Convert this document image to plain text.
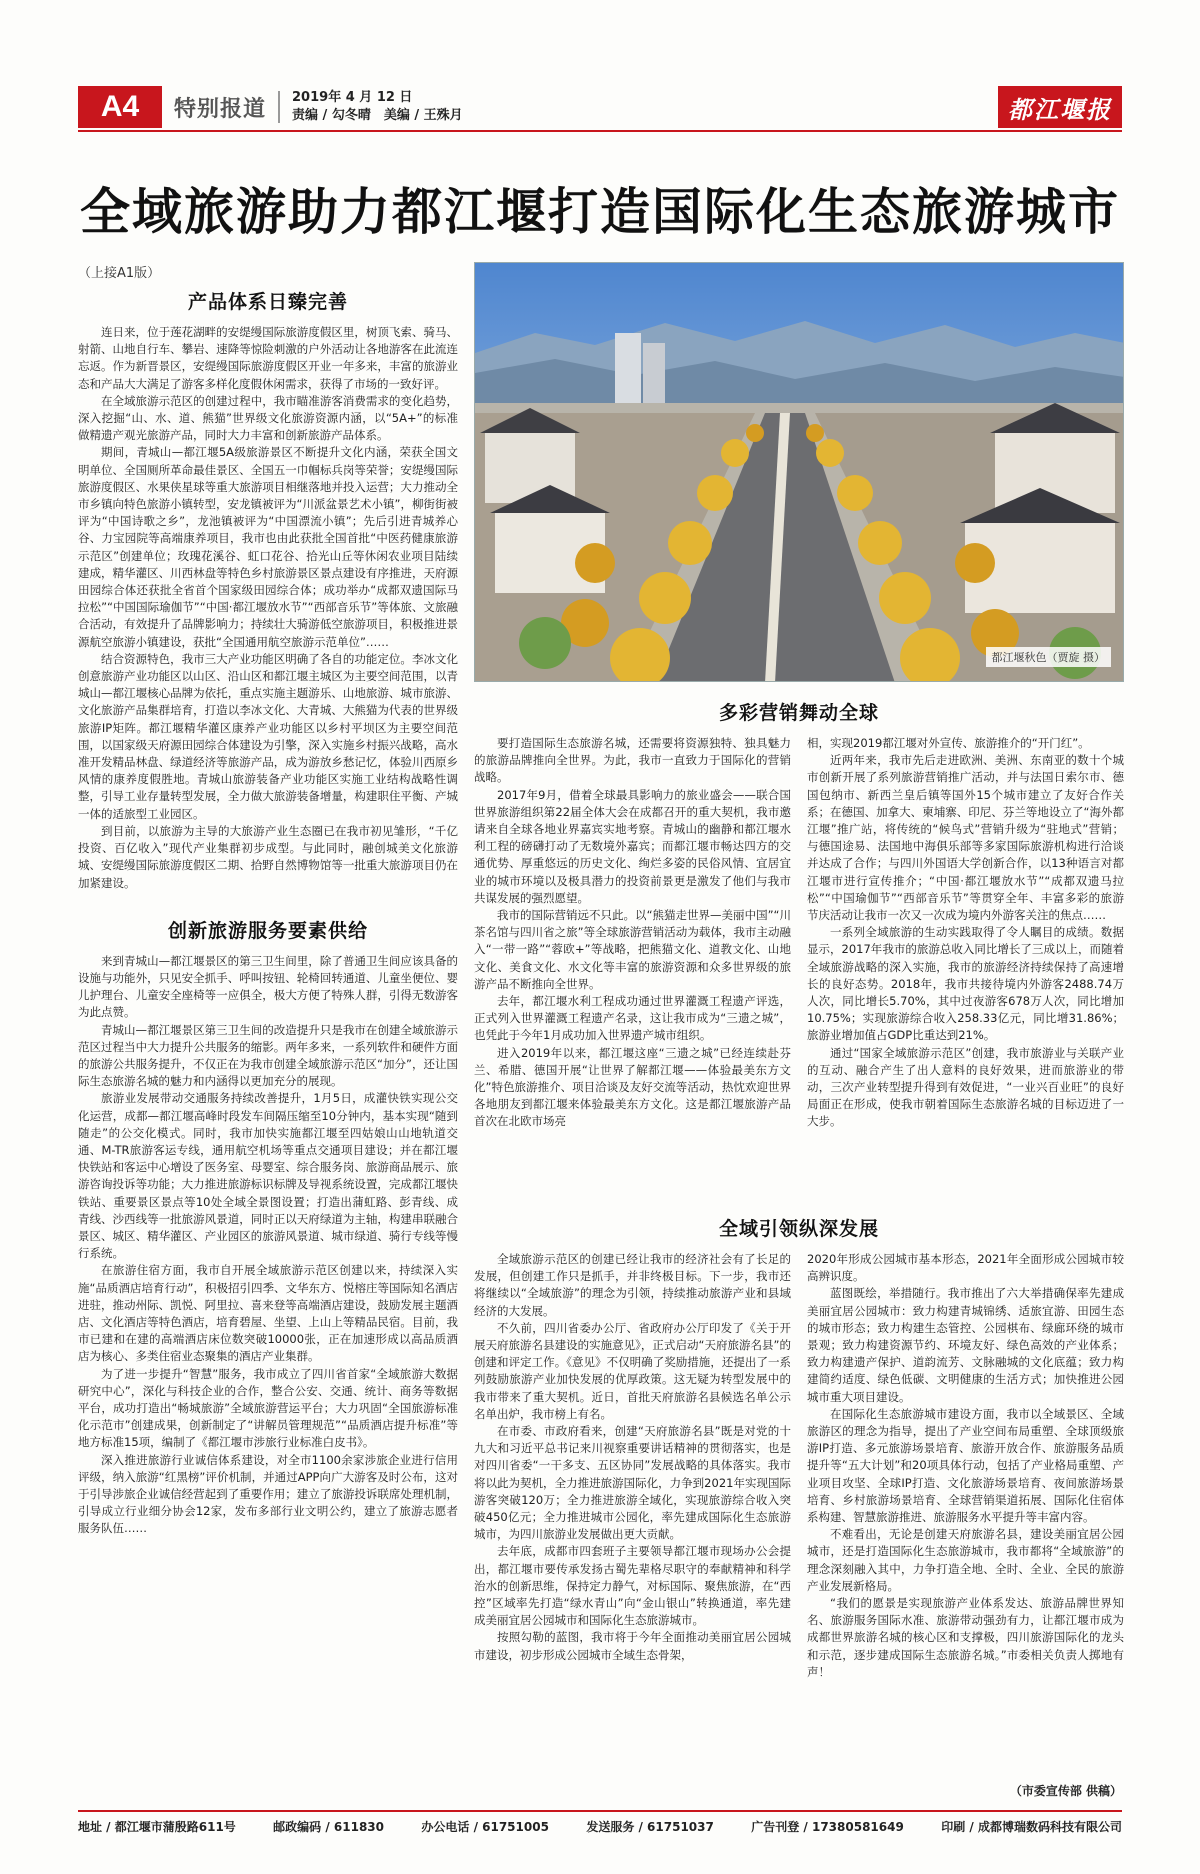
A4	特别报道 2019年 4 月 12 日
责编 / 勾冬晴　美编 / 王殊月	都江堰报
全域旅游助力都江堰打造国际化生态旅游城市
（上接A1版）
产品体系日臻完善

连日来，位于莲花湖畔的安缇缦国际旅游度假区里，树顶飞索、骑马、射箭、山地自行车、攀岩、速降等惊险刺激的户外活动让各地游客在此流连忘返。作为新晋景区，安缇缦国际旅游度假区开业一年多来，丰富的旅游业态和产品大大满足了游客多样化度假休闲需求，获得了市场的一致好评。

在全域旅游示范区的创建过程中，我市瞄准游客消费需求的变化趋势，深入挖掘“山、水、道、熊猫”世界级文化旅游资源内涵，以“5A+”的标准做精遗产观光旅游产品，同时大力丰富和创新旅游产品体系。

期间，青城山—都江堰5A级旅游景区不断提升文化内涵，荣获全国文明单位、全国厕所革命最佳景区、全国五一巾帼标兵岗等荣誉；安缇缦国际旅游度假区、水果侠星球等重大旅游项目相继落地并投入运营；大力推动全市乡镇向特色旅游小镇转型，安龙镇被评为“川派盆景艺术小镇”，柳街街被评为“中国诗歌之乡”，龙池镇被评为“中国漂流小镇”；先后引进青城养心谷、力宝园院等高端康养项目，我市也由此获批全国首批“中医药健康旅游示范区”创建单位；玫瑰花溪谷、虹口花谷、拾光山丘等休闲农业项目陆续建成，精华灌区、川西林盘等特色乡村旅游景区景点建设有序推进，天府源田园综合体还获批全省首个国家级田园综合体；成功举办“成都双遗国际马拉松”“中国国际瑜伽节”“中国·都江堰放水节”“西部音乐节”等体旅、文旅融合活动，有效提升了品牌影响力；持续壮大骑游低空旅游项目，积极推进景源航空旅游小镇建设，获批“全国通用航空旅游示范单位”……

结合资源特色，我市三大产业功能区明确了各自的功能定位。李冰文化创意旅游产业功能区以山区、沿山区和都江堰主城区为主要空间范围，以青城山—都江堰核心品牌为依托，重点实施主题游乐、山地旅游、城市旅游、文化旅游产品集群培育，打造以李冰文化、大青城、大熊猫为代表的世界级旅游IP矩阵。都江堰精华灌区康养产业功能区以乡村平坝区为主要空间范围，以国家级天府源田园综合体建设为引擎，深入实施乡村振兴战略，高水准开发精品林盘、绿道经济等旅游产品，成为游放乡愁记忆，体验川西原乡风情的康养度假胜地。青城山旅游装备产业功能区实施工业结构战略性调整，引导工业存量转型发展，全力做大旅游装备增量，构建职住平衡、产城一体的适旅型工业园区。

到目前，以旅游为主导的大旅游产业生态圈已在我市初见雏形，“千亿投资、百亿收入”现代产业集群初步成型。与此同时，融创城美文化旅游城、安缇缦国际旅游度假区二期、拾野自然博物馆等一批重大旅游项目仍在加紧建设。

创新旅游服务要素供给

来到青城山—都江堰景区的第三卫生间里，除了普通卫生间应该具备的设施与功能外，只见安全抓手、呼叫按钮、轮椅回转通道、儿童坐便位、婴儿护理台、儿童安全座椅等一应俱全，极大方便了特殊人群，引得无数游客为此点赞。

青城山—都江堰景区第三卫生间的改造提升只是我市在创建全域旅游示范区过程当中大力提升公共服务的缩影。两年多来，一系列软件和硬件方面的旅游公共服务提升，不仅正在为我市创建全域旅游示范区“加分”，还让国际生态旅游名城的魅力和内涵得以更加充分的展现。

旅游业发展带动交通服务持续改善提升，1月5日，成灌快铁实现公交化运营，成都—都江堰高峰时段发车间隔压缩至10分钟内，基本实现“随到随走”的公交化模式。同时，我市加快实施都江堰至四姑娘山山地轨道交通、M-TR旅游客运专线，通用航空机场等重点交通项目建设；并在都江堰快铁站和客运中心增设了医务室、母婴室、综合服务岗、旅游商品展示、旅游咨询投诉等功能；大力推进旅游标识标牌及导视系统设置，完成都江堰快铁站、重要景区景点等10处全域全景图设置；打造出蒲虹路、彭青线、成青线、沙西线等一批旅游风景道，同时正以天府绿道为主轴，构建串联融合景区、城区、精华灌区、产业园区的旅游风景道、城市绿道、骑行专线等慢行系统。

在旅游住宿方面，我市自开展全域旅游示范区创建以来，持续深入实施“品质酒店培育行动”，积极招引四季、文华东方、悦榕庄等国际知名酒店进驻，推动州际、凯悦、阿里拉、喜来登等高端酒店建设，鼓励发展主题酒店、文化酒店等特色酒店，培育碧屋、坐望、上山上等精品民宿。目前，我市已建和在建的高端酒店床位数突破10000张，正在加速形成以高品质酒店为核心、多类住宿业态聚集的酒店产业集群。

为了进一步提升“智慧”服务，我市成立了四川省首家“全域旅游大数据研究中心”，深化与科技企业的合作，整合公安、交通、统计、商务等数据平台，成功打造出“畅城旅游”全域旅游营运平台；大力巩固“全国旅游标准化示范市”创建成果，创新制定了“讲解员管理规范”“品质酒店提升标准”等地方标准15项，编制了《都江堰市涉旅行业标准白皮书》。

深入推进旅游行业诚信体系建设，对全市1100余家涉旅企业进行信用评级，纳入旅游“红黑榜”评价机制，并通过APP向广大游客及时公布，这对于引导涉旅企业诚信经营起到了重要作用；建立了旅游投诉联席处理机制，引导成立行业细分协会12家，发布多部行业文明公约，建立了旅游志愿者服务队伍……

都江堰秋色（贾旋 摄）
多彩营销舞动全球

要打造国际生态旅游名城，还需要将资源独特、独具魅力的旅游品牌推向全世界。为此，我市一直致力于国际化的营销战略。

2017年9月，借着全球最具影响力的旅业盛会——联合国世界旅游组织第22届全体大会在成都召开的重大契机，我市邀请来自全球各地业界嘉宾实地考察。青城山的幽静和都江堰水利工程的磅礴打动了无数境外嘉宾；而都江堰市畅达四方的交通优势、厚重悠远的历史文化、绚烂多姿的民俗风情、宜居宜业的城市环境以及极具潜力的投资前景更是激发了他们与我市共谋发展的强烈愿望。

我市的国际营销远不只此。以“熊猫走世界—美丽中国”“川茶名馆与四川省之旅”等全球旅游营销活动为载体，我市主动融入“一带一路”“蓉欧+”等战略，把熊猫文化、道教文化、山地文化、美食文化、水文化等丰富的旅游资源和众多世界级的旅游产品不断推向全世界。

去年，都江堰水利工程成功通过世界灌溉工程遗产评选，正式列入世界灌溉工程遗产名录，这让我市成为“三遗之城”，也凭此于今年1月成功加入世界遗产城市组织。

进入2019年以来，都江堰这座“三遗之城”已经连续赴芬兰、希腊、德国开展“让世界了解都江堰——体验最美东方文化”特色旅游推介、项目洽谈及友好交流等活动，热忱欢迎世界各地朋友到都江堰来体验最美东方文化。这是都江堰旅游产品首次在北欧市场亮

相，实现2019都江堰对外宣传、旅游推介的“开门红”。

近两年来，我市先后走进欧洲、美洲、东南亚的数十个城市创新开展了系列旅游营销推广活动，并与法国日索尔市、德国包纳市、新西兰皇后镇等国外15个城市建立了友好合作关系；在德国、加拿大、柬埔寨、印尼、芬兰等地设立了“海外都江堰”推广站，将传统的“候鸟式”营销升级为“驻地式”营销；与德国途易、法国地中海俱乐部等多家国际旅游机构进行洽谈并达成了合作；与四川外国语大学创新合作，以13种语言对都江堰市进行宣传推介；“中国·都江堰放水节”“成都双遗马拉松”“中国瑜伽节”“西部音乐节”等贯穿全年、丰富多彩的旅游节庆活动让我市一次又一次成为境内外游客关注的焦点……

一系列全域旅游的生动实践取得了令人瞩目的成绩。数据显示，2017年我市的旅游总收入同比增长了三成以上，而随着全域旅游战略的深入实施，我市的旅游经济持续保持了高速增长的良好态势。2018年，我市共接待境内外游客2488.74万人次，同比增长5.70%，其中过夜游客678万人次，同比增加10.75%；实现旅游综合收入258.33亿元，同比增31.86%；旅游业增加值占GDP比重达到21%。

通过“国家全域旅游示范区”创建，我市旅游业与关联产业的互动、融合产生了出人意料的良好效果，进而旅游业的带动，三次产业转型提升得到有效促进，“一业兴百业旺”的良好局面正在形成，使我市朝着国际生态旅游名城的目标迈进了一大步。

全域引领纵深发展

全域旅游示范区的创建已经让我市的经济社会有了长足的发展，但创建工作只是抓手，并非终极目标。下一步，我市还将继续以“全域旅游”的理念为引领，持续推动旅游产业和县域经济的大发展。

不久前，四川省委办公厅、省政府办公厅印发了《关于开展天府旅游名县建设的实施意见》，正式启动“天府旅游名县”的创建和评定工作。《意见》不仅明确了奖励措施，还提出了一系列鼓励旅游产业加快发展的优厚政策。这无疑为转型发展中的我市带来了重大契机。近日，首批天府旅游名县候选名单公示名单出炉，我市榜上有名。

在市委、市政府看来，创建“天府旅游名县”既是对党的十九大和习近平总书记来川视察重要讲话精神的贯彻落实，也是对四川省委“一干多支、五区协同”发展战略的具体落实。我市将以此为契机，全力推进旅游国际化，力争到2021年实现国际游客突破120万；全力推进旅游全域化，实现旅游综合收入突破450亿元；全力推进城市公园化，率先建成国际化生态旅游城市，为四川旅游业发展做出更大贡献。

去年底，成都市四套班子主要领导都江堰市现场办公会提出，都江堰市要传承发扬古蜀先辈格尽职守的奉献精神和科学治水的创新思维，保持定力静气，对标国际、聚焦旅游，在“西控”区域率先打造“绿水青山”向“金山银山”转换通道，率先建成美丽宜居公园城市和国际化生态旅游城市。

按照勾勒的蓝图，我市将于今年全面推动美丽宜居公园城市建设，初步形成公园城市全域生态骨架，

2020年形成公园城市基本形态，2021年全面形成公园城市较高辨识度。

蓝图既绘，举措随行。我市推出了六大举措确保率先建成美丽宜居公园城市：致力构建青城锦绣、适旅宜游、田园生态的城市形态；致力构建生态管控、公园棋布、绿廊环绕的城市景观；致力构建资源节约、环境友好、绿色高效的产业体系；致力构建遗产保护、道韵流芳、文脉融城的文化底蕴；致力构建简约适度、绿色低碳、文明健康的生活方式；加快推进公园城市重大项目建设。

在国际化生态旅游城市建设方面，我市以全域景区、全域旅游区的理念为指导，提出了产业空间布局重塑、全球顶级旅游IP打造、多元旅游场景培育、旅游开放合作、旅游服务品质提升等“五大计划”和20项具体行动，包括了产业格局重塑、产业项目攻坚、全球IP打造、文化旅游场景培育、夜间旅游场景培育、乡村旅游场景培育、全球营销渠道拓展、国际化住宿体系构建、智慧旅游推进、旅游服务水平提升等丰富内容。

不难看出，无论是创建天府旅游名县，建设美丽宜居公园城市，还是打造国际化生态旅游城市，我市都将“全域旅游”的理念深刻融入其中，力争打造全地、全时、全业、全民的旅游产业发展新格局。

“我们的愿景是实现旅游产业体系发达、旅游品牌世界知名、旅游服务国际水准、旅游带动强劲有力，让都江堰市成为成都世界旅游名城的核心区和支撑极，四川旅游国际化的龙头和示范，逐步建成国际生态旅游名城。”市委相关负责人掷地有声！

（市委宣传部 供稿）
地址 / 都江堰市蒲殷路611号	邮政编码 / 611830	办公电话 / 61751005	发送服务 / 61751037	广告刊登 / 17380581649	印刷 / 成都博瑞数码科技有限公司
